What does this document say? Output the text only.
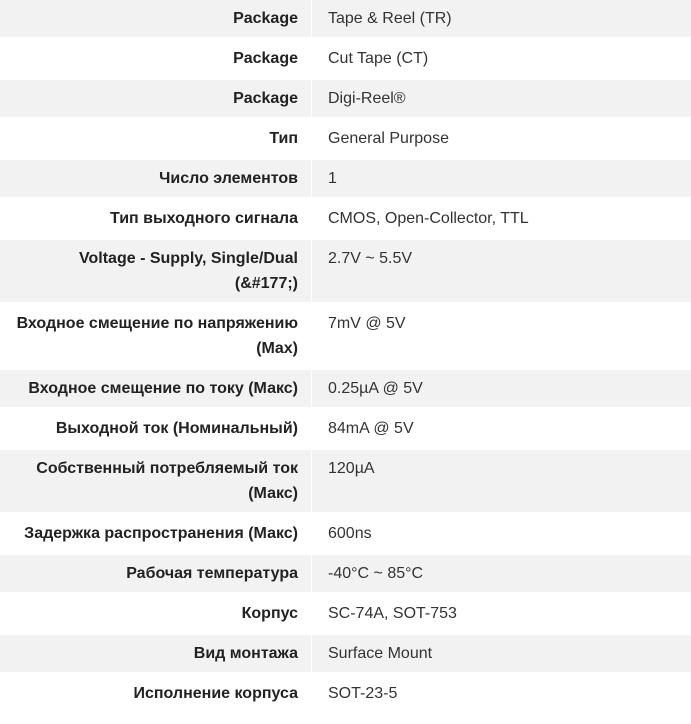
Package	Tape & Reel (TR)
Package	Cut Tape (CT)
Package	Digi-Reel®
Тип	General Purpose
Число элементов	1
Тип выходного сигнала	CMOS, Open-Collector, TTL
Voltage - Supply, Single/Dual (&#177;)	2.7V ~ 5.5V
Входное смещение по напряжению (Max)	7mV @ 5V
Входное смещение по току (Макс)	0.25µA @ 5V
Выходной ток (Номинальный)	84mA @ 5V
Собственный потребляемый ток (Макс)	120µA
Задержка распространения (Макс)	600ns
Рабочая температура	-40°C ~ 85°C
Корпус	SC-74A, SOT-753
Вид монтажа	Surface Mount
Исполнение корпуса	SOT-23-5
